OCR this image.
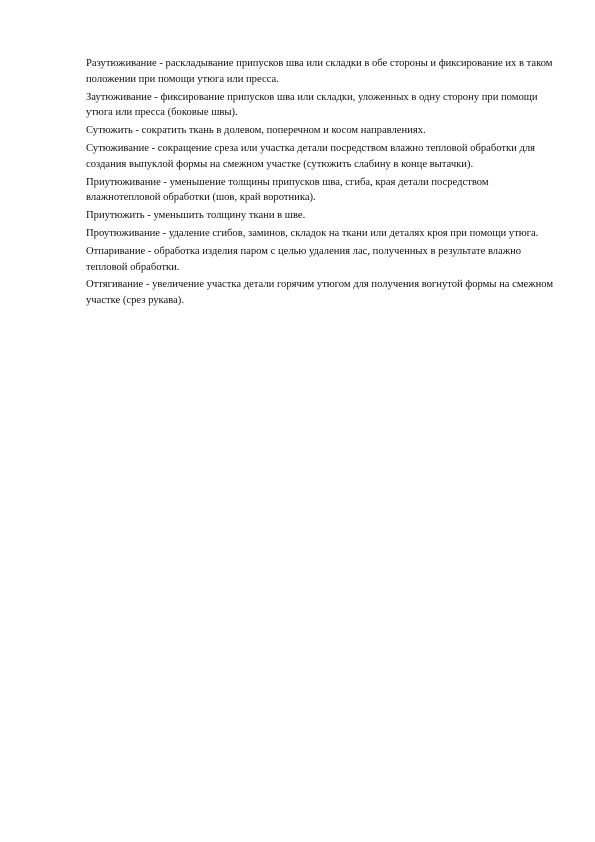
Разутюживание - раскладывание припусков шва или складки в обе стороны и фиксирование их в таком положении при помощи утюга или пресса.

Заутюживание - фиксирование припусков шва или складки, уложенных в одну сторону при помощи утюга или пресса (боковые швы).

Сутюжить - сократить ткань в долевом, поперечном и косом направлениях.

Сутюживание - сокращение среза или участка детали посредством влажно тепловой обработки для создания выпуклой формы на смежном участке (сутюжить слабину в конце вытачки).

Приутюживание - уменьшение толщины припусков шва, сгиба, края детали посредством влажнотепловой обработки (шов, край воротника).

Приутюжить - уменьшить толщину ткани в шве.

Проутюживание - удаление сгибов, заминов, складок на ткани или деталях кроя при помощи утюга.

Отпаривание - обработка изделия паром с целью удаления лас, полученных в результате влажно тепловой обработки.

Оттягивание - увеличение участка детали горячим утюгом для получения вогнутой формы на смежном участке (срез рукава).
